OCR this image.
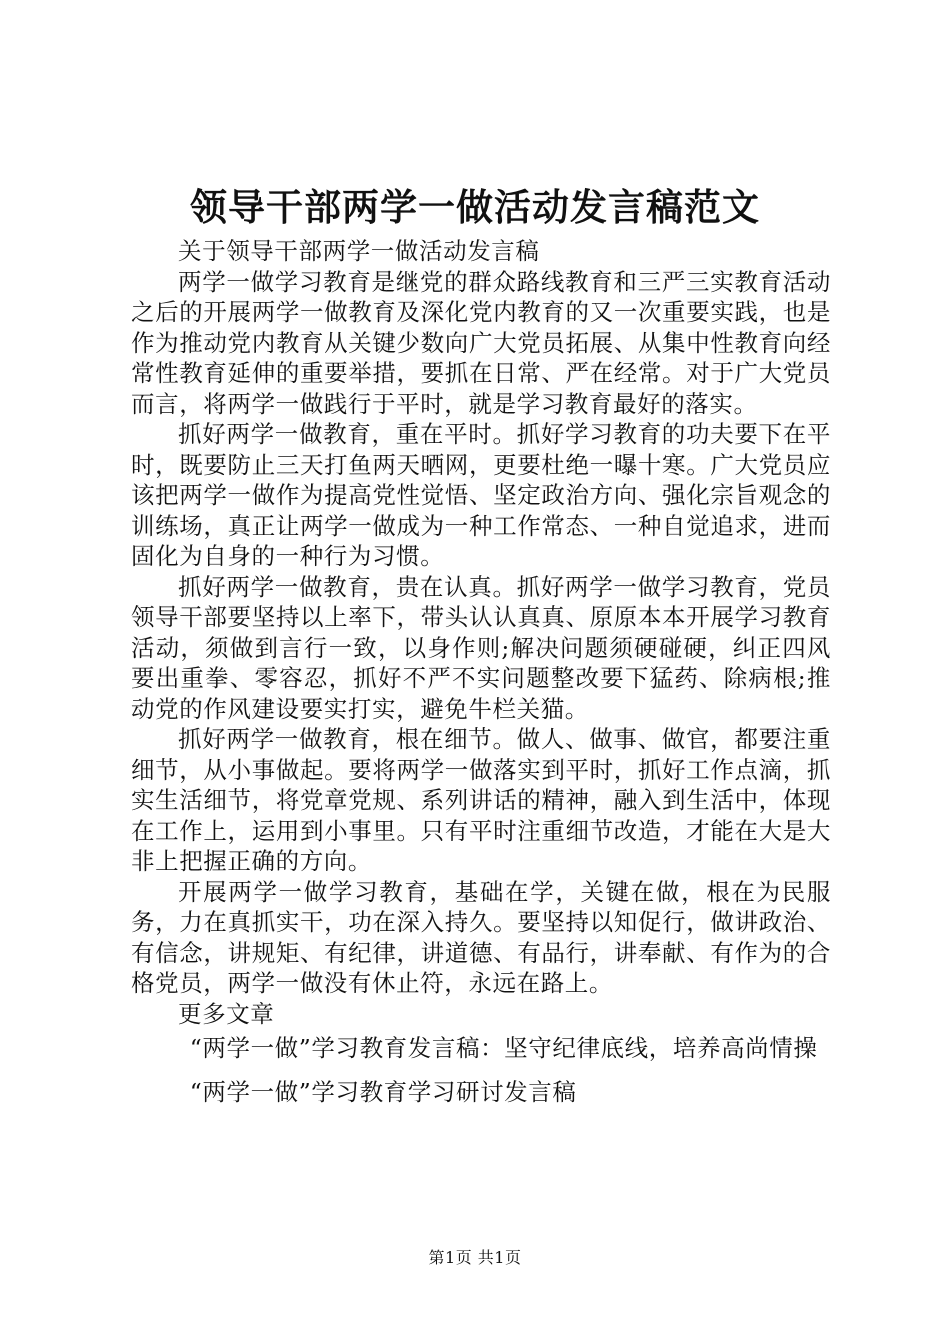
领导干部两学一做活动发言稿范文

关于领导干部两学一做活动发言稿

两学一做学习教育是继党的群众路线教育和三严三实教育活动之后的开展两学一做教育及深化党内教育的又一次重要实践，也是作为推动党内教育从关键少数向广大党员拓展、从集中性教育向经常性教育延伸的重要举措，要抓在日常、严在经常。对于广大党员而言，将两学一做践行于平时，就是学习教育最好的落实。

抓好两学一做教育，重在平时。抓好学习教育的功夫要下在平时，既要防止三天打鱼两天晒网，更要杜绝一曝十寒。广大党员应该把两学一做作为提高党性觉悟、坚定政治方向、强化宗旨观念的训练场，真正让两学一做成为一种工作常态、一种自觉追求，进而固化为自身的一种行为习惯。

抓好两学一做教育，贵在认真。抓好两学一做学习教育，党员领导干部要坚持以上率下，带头认认真真、原原本本开展学习教育活动，须做到言行一致，以身作则;解决问题须硬碰硬，纠正四风要出重拳、零容忍，抓好不严不实问题整改要下猛药、除病根;推动党的作风建设要实打实，避免牛栏关猫。

抓好两学一做教育，根在细节。做人、做事、做官，都要注重细节，从小事做起。要将两学一做落实到平时，抓好工作点滴，抓实生活细节，将党章党规、系列讲话的精神，融入到生活中，体现在工作上，运用到小事里。只有平时注重细节改造，才能在大是大非上把握正确的方向。

开展两学一做学习教育，基础在学，关键在做，根在为民服务，力在真抓实干，功在深入持久。要坚持以知促行，做讲政治、有信念，讲规矩、有纪律，讲道德、有品行，讲奉献、有作为的合格党员，两学一做没有休止符，永远在路上。

更多文章

“两学一做”学习教育发言稿：坚守纪律底线，培养高尚情操

“两学一做”学习教育学习研讨发言稿

第1页 共1页
